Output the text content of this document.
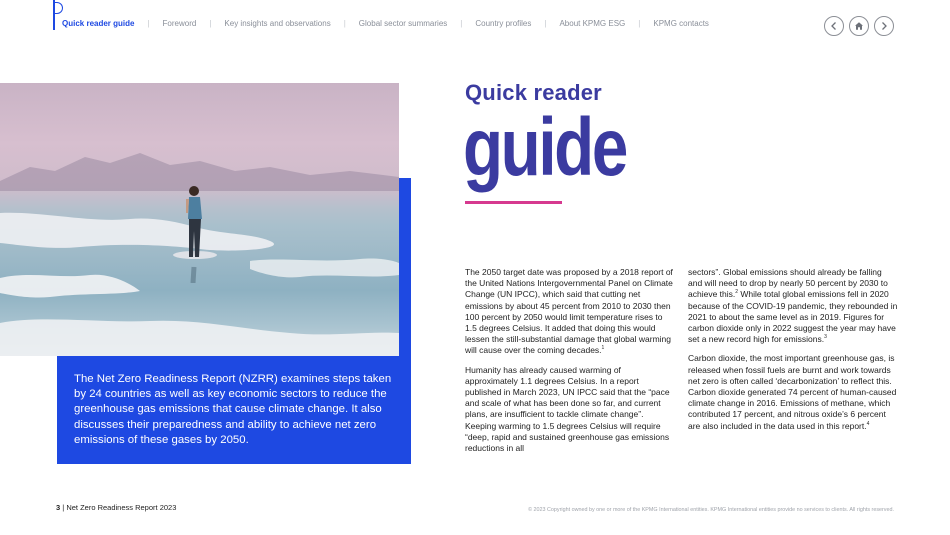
Quick reader guide	|	Foreword	|	Key insights and observations	|	Global sector summaries	|	Country profiles	|	About KPMG ESG	|	KPMG contacts

The Net Zero Readiness Report (NZRR) examines steps taken by 24 countries as well as key economic sectors to reduce the greenhouse gas emissions that cause climate change. It also discusses their preparedness and ability to achieve net zero emissions of these gases by 2050.

Quick reader
guide

The 2050 target date was proposed by a 2018 report of the United Nations Intergovernmental Panel on Climate Change (UN IPCC), which said that cutting net emissions by about 45 percent from 2010 to 2030 then 100 percent by 2050 would limit temperature rises to 1.5 degrees Celsius. It added that doing this would lessen the still-substantial damage that global warming will cause over the coming decades.$^1$

Humanity has already caused warming of approximately 1.1 degrees Celsius. In a report published in March 2023, UN IPCC said that the “pace and scale of what has been done so far, and current plans, are insufficient to tackle climate change”. Keeping warming to 1.5 degrees Celsius will require “deep, rapid and sustained greenhouse gas emissions reductions in all

sectors”. Global emissions should already be falling and will need to drop by nearly 50 percent by 2030 to achieve this.$^2$ While total global emissions fell in 2020 because of the COVID-19 pandemic, they rebounded in 2021 to about the same level as in 2019. Figures for carbon dioxide only in 2022 suggest the year may have set a new record high for emissions.$^3$

Carbon dioxide, the most important greenhouse gas, is released when fossil fuels are burnt and work towards net zero is often called ‘decarbonization’ to reflect this. Carbon dioxide generated 74 percent of human-caused climate change in 2016. Emissions of methane, which contributed 17 percent, and nitrous oxide’s 6 percent are also included in the data used in this report.$^4$

3 | Net Zero Readiness Report 2023	© 2023 Copyright owned by one or more of the KPMG International entities. KPMG International entities provide no services to clients. All rights reserved.
